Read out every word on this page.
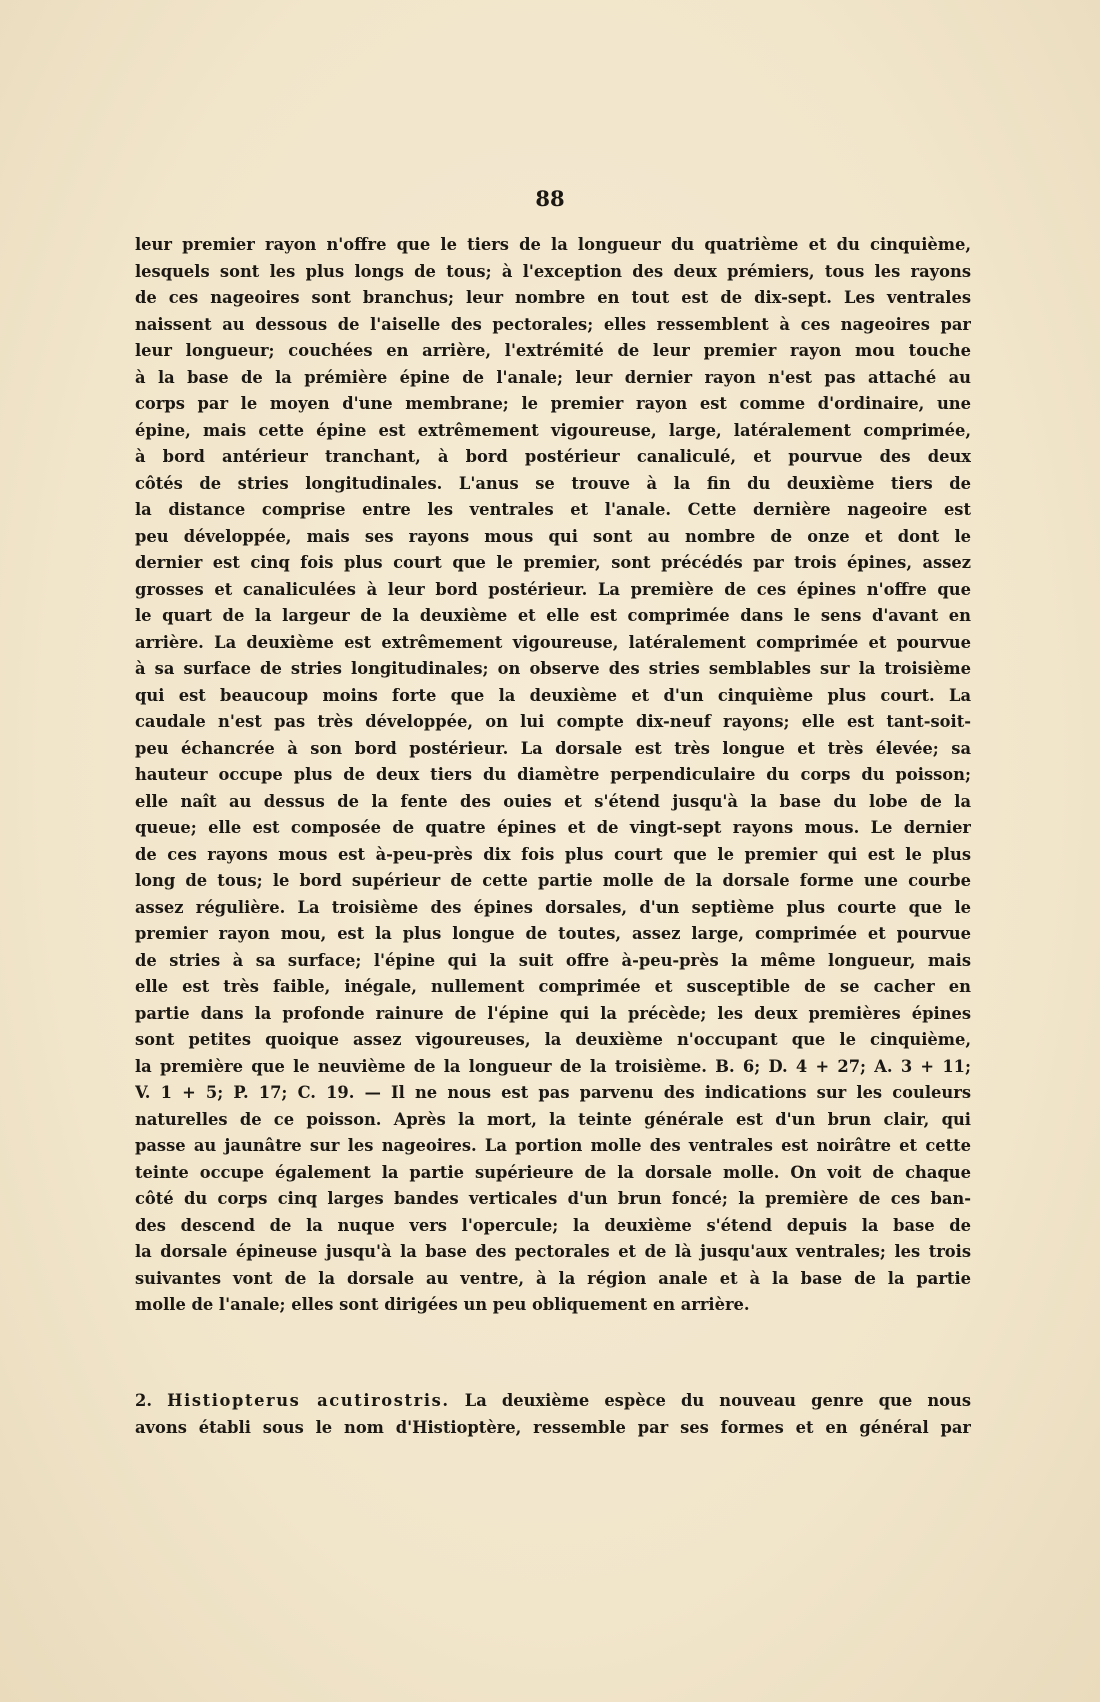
88
leur premier rayon n'offre que le tiers de la longueur du quatrième et du cinquième,
lesquels sont les plus longs de tous; à l'exception des deux prémiers, tous les rayons
de ces nageoires sont branchus; leur nombre en tout est de dix-sept. Les ventrales
naissent au dessous de l'aiselle des pectorales; elles ressemblent à ces nageoires par
leur longueur; couchées en arrière, l'extrémité de leur premier rayon mou touche
à la base de la prémière épine de l'anale; leur dernier rayon n'est pas attaché au
corps par le moyen d'une membrane; le premier rayon est comme d'ordinaire, une
épine, mais cette épine est extrêmement vigoureuse, large, latéralement comprimée,
à bord antérieur tranchant, à bord postérieur canaliculé, et pourvue des deux
côtés de stries longitudinales. L'anus se trouve à la fin du deuxième tiers de
la distance comprise entre les ventrales et l'anale. Cette dernière nageoire est
peu développée, mais ses rayons mous qui sont au nombre de onze et dont le
dernier est cinq fois plus court que le premier, sont précédés par trois épines, assez
grosses et canaliculées à leur bord postérieur. La première de ces épines n'offre que
le quart de la largeur de la deuxième et elle est comprimée dans le sens d'avant en
arrière. La deuxième est extrêmement vigoureuse, latéralement comprimée et pourvue
à sa surface de stries longitudinales; on observe des stries semblables sur la troisième
qui est beaucoup moins forte que la deuxième et d'un cinquième plus court. La
caudale n'est pas très développée, on lui compte dix-neuf rayons; elle est tant-soit-
peu échancrée à son bord postérieur. La dorsale est très longue et très élevée; sa
hauteur occupe plus de deux tiers du diamètre perpendiculaire du corps du poisson;
elle naît au dessus de la fente des ouies et s'étend jusqu'à la base du lobe de la
queue; elle est composée de quatre épines et de vingt-sept rayons mous. Le dernier
de ces rayons mous est à-peu-près dix fois plus court que le premier qui est le plus
long de tous; le bord supérieur de cette partie molle de la dorsale forme une courbe
assez régulière. La troisième des épines dorsales, d'un septième plus courte que le
premier rayon mou, est la plus longue de toutes, assez large, comprimée et pourvue
de stries à sa surface; l'épine qui la suit offre à-peu-près la même longueur, mais
elle est très faible, inégale, nullement comprimée et susceptible de se cacher en
partie dans la profonde rainure de l'épine qui la précède; les deux premières épines
sont petites quoique assez vigoureuses, la deuxième n'occupant que le cinquième,
la première que le neuvième de la longueur de la troisième. B. 6; D. 4 + 27; A. 3 + 11;
V. 1 + 5; P. 17; C. 19. — Il ne nous est pas parvenu des indications sur les couleurs
naturelles de ce poisson. Après la mort, la teinte générale est d'un brun clair, qui
passe au jaunâtre sur les nageoires. La portion molle des ventrales est noirâtre et cette
teinte occupe également la partie supérieure de la dorsale molle. On voit de chaque
côté du corps cinq larges bandes verticales d'un brun foncé; la première de ces ban-
des descend de la nuque vers l'opercule; la deuxième s'étend depuis la base de
la dorsale épineuse jusqu'à la base des pectorales et de là jusqu'aux ventrales; les trois
suivantes vont de la dorsale au ventre, à la région anale et à la base de la partie
molle de l'anale; elles sont dirigées un peu obliquement en arrière.
2. Histiopterus acutirostris. La deuxième espèce du nouveau genre que nous
avons établi sous le nom d'Histioptère, ressemble par ses formes et en général par
